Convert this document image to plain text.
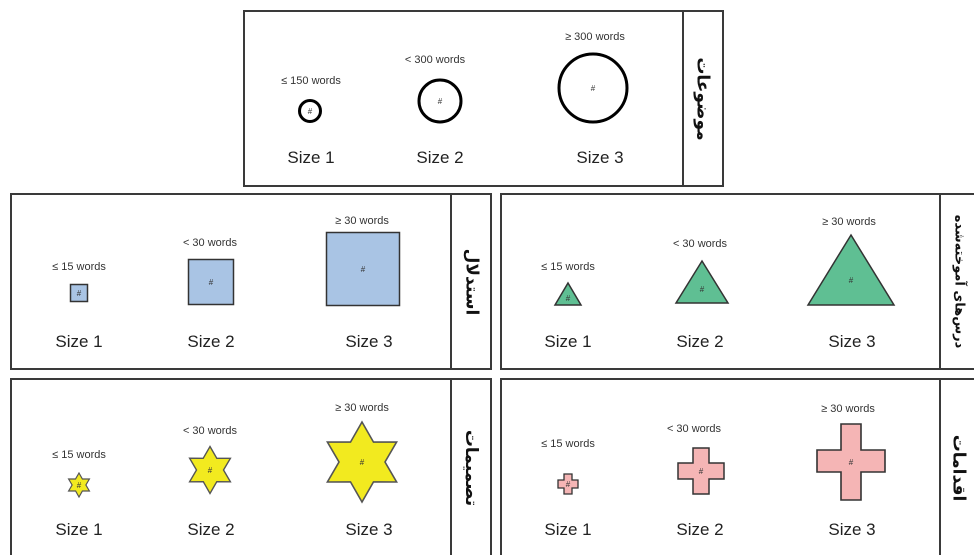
موضوعات
≤ 150 words
#
Size 1
< 300 words
#
Size 2
≥ 300 words
#
Size 3
استدلال
≤ 15 words
#
Size 1
< 30 words
#
Size 2
≥ 30 words
#
Size 3	درس‌های آموخته‌شده
≤ 15 words
#
Size 1
< 30 words
#
Size 2
≥ 30 words
#
Size 3
تصمیمات
≤ 15 words
#
Size 1
< 30 words
#
Size 2
≥ 30 words
#
Size 3
اقدامات
≤ 15 words
#
Size 1
< 30 words
#
Size 2
≥ 30 words
#
Size 3
